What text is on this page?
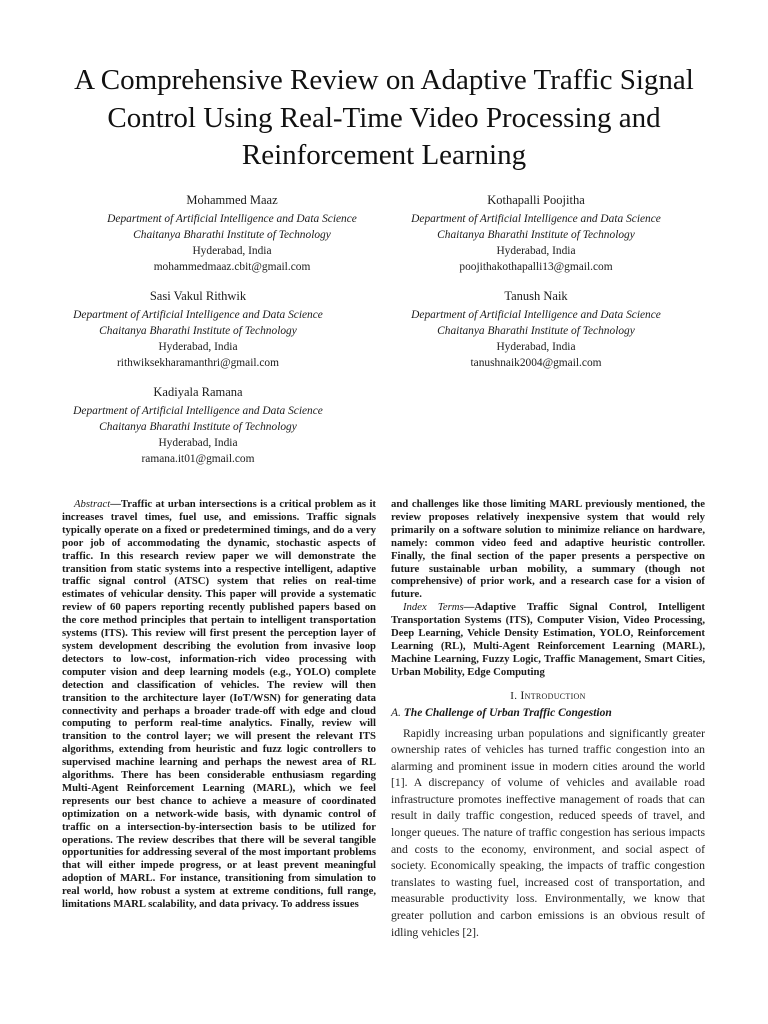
A Comprehensive Review on Adaptive Traffic Signal Control Using Real-Time Video Processing and Reinforcement Learning
Mohammed Maaz
Department of Artificial Intelligence and Data Science
Chaitanya Bharathi Institute of Technology
Hyderabad, India
mohammedmaaz.cbit@gmail.com
Kothapalli Poojitha
Department of Artificial Intelligence and Data Science
Chaitanya Bharathi Institute of Technology
Hyderabad, India
poojithakothapalli13@gmail.com
Sasi Vakul Rithwik
Department of Artificial Intelligence and Data Science
Chaitanya Bharathi Institute of Technology
Hyderabad, India
rithwiksekharamanthri@gmail.com
Tanush Naik
Department of Artificial Intelligence and Data Science
Chaitanya Bharathi Institute of Technology
Hyderabad, India
tanushnaik2004@gmail.com
Kadiyala Ramana
Department of Artificial Intelligence and Data Science
Chaitanya Bharathi Institute of Technology
Hyderabad, India
ramana.it01@gmail.com

Abstract—Traffic at urban intersections is a critical problem as it increases travel times, fuel use, and emissions. Traffic signals typically operate on a fixed or predetermined timings, and do a very poor job of accommodating the dynamic, stochastic aspects of traffic. In this research review paper we will demonstrate the transition from static systems into a respective intelligent, adaptive traffic signal control (ATSC) system that relies on real-time estimates of vehicular density. This paper will provide a systematic review of 60 papers reporting recently published papers based on the core method principles that pertain to intelligent transportation systems (ITS). This review will first present the perception layer of system development describing the evolution from invasive loop detectors to low-cost, information-rich video processing with computer vision and deep learning models (e.g., YOLO) complete detection and classification of vehicles. The review will then transition to the architecture layer (IoT/WSN) for generating data connectivity and perhaps a broader trade-off with edge and cloud computing to perform real-time analytics. Finally, review will transition to the control layer; we will present the relevant ITS algorithms, extending from heuristic and fuzz logic controllers to supervised machine learning and perhaps the newest area of RL algorithms. There has been considerable enthusiasm regarding Multi-Agent Reinforcement Learning (MARL), which we feel represents our best chance to achieve a measure of coordinated optimization on a network-wide basis, with dynamic control of traffic on a intersection-by-intersection basis to be utilized for operations. The review describes that there will be several tangible opportunities for addressing several of the most important problems that will either impede progress, or at least prevent meaningful adoption of MARL. For instance, transitioning from simulation to real world, how robust a system at extreme conditions, full range, limitations MARL scalability, and data privacy. To address issues

and challenges like those limiting MARL previously mentioned, the review proposes relatively inexpensive system that would rely primarily on a software solution to minimize reliance on hardware, namely: common video feed and adaptive heuristic controller. Finally, the final section of the paper presents a perspective on future sustainable urban mobility, a summary (though not comprehensive) of prior work, and a research case for a vision of future.

Index Terms—Adaptive Traffic Signal Control, Intelligent Transportation Systems (ITS), Computer Vision, Video Processing, Deep Learning, Vehicle Density Estimation, YOLO, Reinforcement Learning (RL), Multi-Agent Reinforcement Learning (MARL), Machine Learning, Fuzzy Logic, Traffic Management, Smart Cities, Urban Mobility, Edge Computing

I. Introduction
A. The Challenge of Urban Traffic Congestion

Rapidly increasing urban populations and significantly greater ownership rates of vehicles has turned traffic congestion into an alarming and prominent issue in modern cities around the world [1]. A discrepancy of volume of vehicles and available road infrastructure promotes ineffective management of roads that can result in daily traffic congestion, reduced speeds of travel, and longer queues. The nature of traffic congestion has serious impacts and costs to the economy, environment, and social aspect of society. Economically speaking, the impacts of traffic congestion translates to wasting fuel, increased cost of transportation, and measurable productivity loss. Environmentally, we know that greater pollution and carbon emissions is an obvious result of idling vehicles [2].
